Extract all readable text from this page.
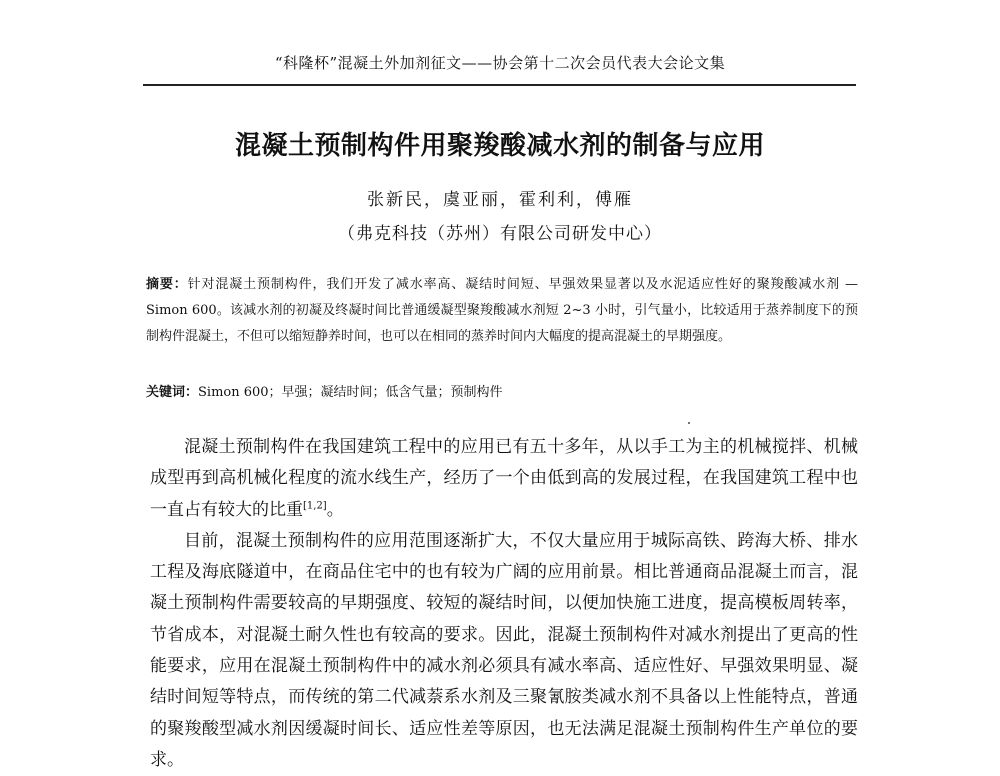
“科隆杯”混凝土外加剂征文——协会第十二次会员代表大会论文集
混凝土预制构件用聚羧酸减水剂的制备与应用
张新民，虞亚丽，霍利利，傅雁
（弗克科技（苏州）有限公司研发中心）
摘要：针对混凝土预制构件，我们开发了减水率高、凝结时间短、早强效果显著以及水泥适应性好的聚羧酸减水剂 — Simon 600。该减水剂的初凝及终凝时间比普通缓凝型聚羧酸减水剂短 2~3 小时，引气量小，比较适用于蒸养制度下的预制构件混凝土，不但可以缩短静养时间，也可以在相同的蒸养时间内大幅度的提高混凝土的早期强度。
关键词：Simon 600；早强；凝结时间；低含气量；预制构件

混凝土预制构件在我国建筑工程中的应用已有五十多年，从以手工为主的机械搅拌、机械成型再到高机械化程度的流水线生产，经历了一个由低到高的发展过程，在我国建筑工程中也一直占有较大的比重[1,2]。

目前，混凝土预制构件的应用范围逐渐扩大，不仅大量应用于城际高铁、跨海大桥、排水工程及海底隧道中，在商品住宅中的也有较为广阔的应用前景。相比普通商品混凝土而言，混凝土预制构件需要较高的早期强度、较短的凝结时间，以便加快施工进度，提高模板周转率，节省成本，对混凝土耐久性也有较高的要求。因此，混凝土预制构件对减水剂提出了更高的性能要求，应用在混凝土预制构件中的减水剂必须具有减水率高、适应性好、早强效果明显、凝结时间短等特点，而传统的第二代减萘系水剂及三聚氰胺类减水剂不具备以上性能特点，普通的聚羧酸型减水剂因缓凝时间长、适应性差等原因，也无法满足混凝土预制构件生产单位的要求。
